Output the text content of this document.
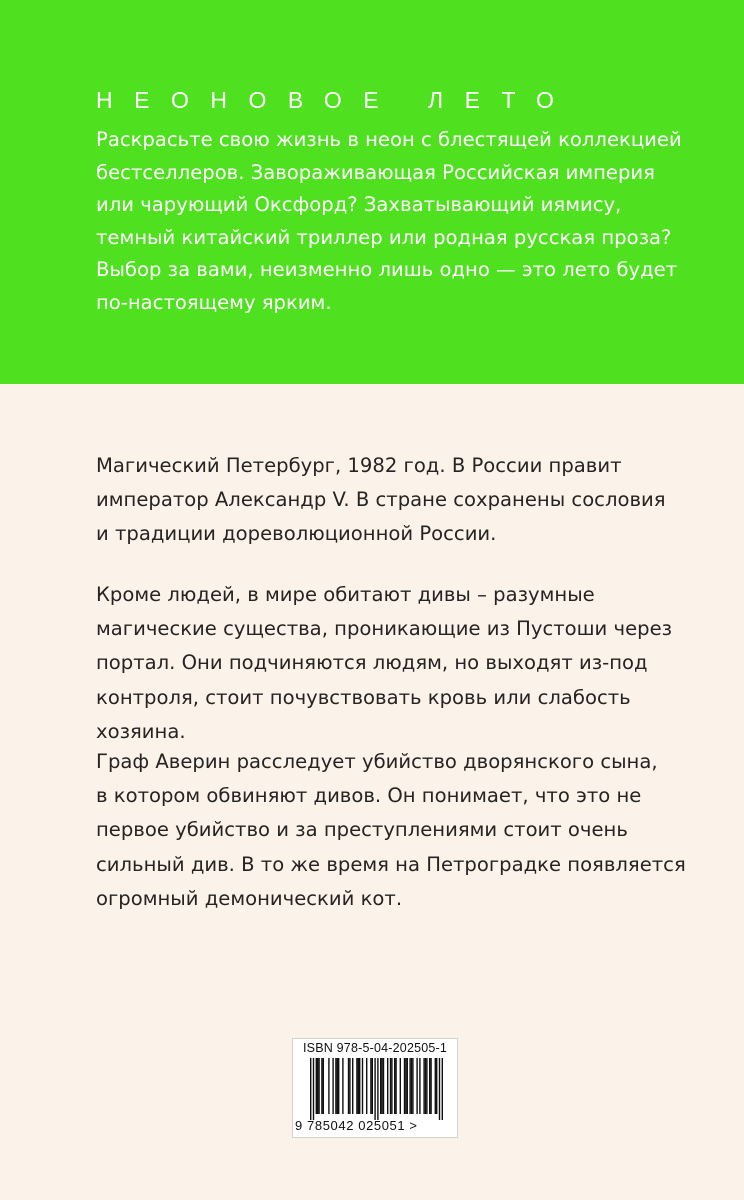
НЕОНОВОЕ ЛЕТО

Раскрасьте свою жизнь в неон с блестящей коллекцией
бестселлеров. Завораживающая Российская империя
или чарующий Оксфорд? Захватывающий иямису,
темный китайский триллер или родная русская проза?
Выбор за вами, неизменно лишь одно — это лето будет
по-настоящему ярким.

Магический Петербург, 1982 год. В России правит
император Александр V. В стране сохранены сословия
и традиции дореволюционной России.

Кроме людей, в мире обитают дивы – разумные
магические существа, проникающие из Пустоши через
портал. Они подчиняются людям, но выходят из-под
контроля, стоит почувствовать кровь или слабость
хозяина.

Граф Аверин расследует убийство дворянского сына,
в котором обвиняют дивов. Он понимает, что это не
первое убийство и за преступлениями стоит очень
сильный див. В то же время на Петроградке появляется
огромный демонический кот.

ISBN 978-5-04-202505-1
9 785042 025051 >
